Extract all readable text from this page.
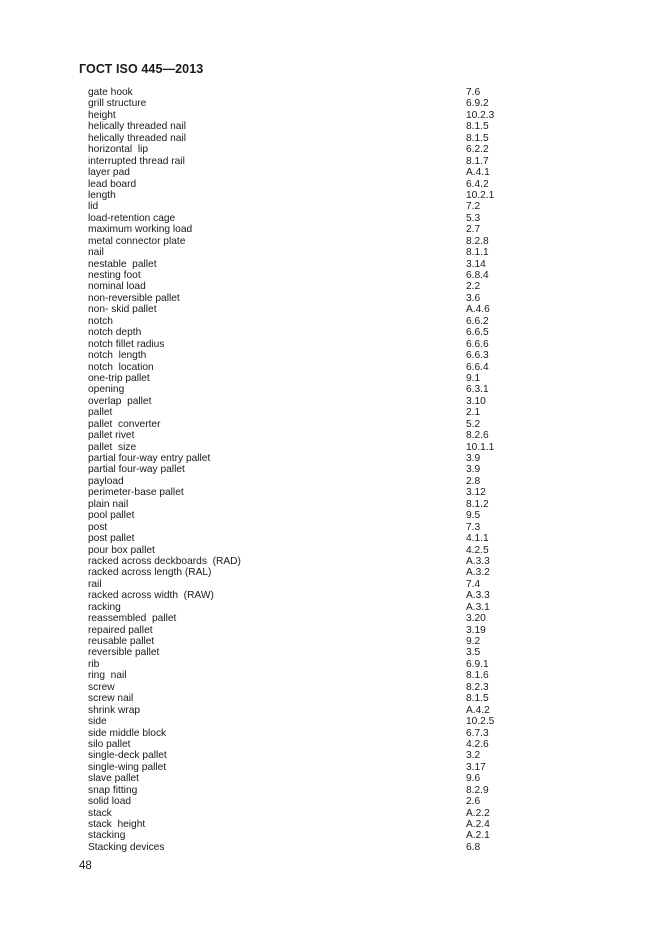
ГОСТ ISO 445—2013
gate hook	7.6
grill structure	6.9.2
height	10.2.3
helically threaded nail	8.1.5
helically threaded nail	8.1.5
horizontal  lip	6.2.2
interrupted thread rail	8.1.7
layer pad	A.4.1
lead board	6.4.2
length	10.2.1
lid	7.2
load-retention cage	5.3
maximum working load	2.7
metal connector plate	8.2.8
nail	8.1.1
nestable  pallet	3.14
nesting foot	6.8.4
nominal load	2.2
non-reversible pallet	3.6
non- skid pallet	A.4.6
notch	6.6.2
notch depth	6.6.5
notch fillet radius	6.6.6
notch  length	6.6.3
notch  location	6.6.4
one-trip pallet	9.1
opening	6.3.1
overlap  pallet	3.10
pallet	2.1
pallet  converter	5.2
pallet rivet	8.2.6
pallet  size	10.1.1
partial four-way entry pallet	3.9
partial four-way pallet	3.9
payload	2.8
perimeter-base pallet	3.12
plain nail	8.1.2
pool pallet	9.5
post	7.3
post pallet	4.1.1
pour box pallet	4.2.5
racked across deckboards  (RAD)	A.3.3
racked across length (RAL)	A.3.2
rail	7.4
racked across width  (RAW)	A.3.3
racking	A.3.1
reassembled  pallet	3.20
repaired pallet	3.19
reusable pallet	9.2
reversible pallet	3.5
rib	6.9.1
ring  nail	8.1.6
screw	8.2.3
screw nail	8.1.5
shrink wrap	A.4.2
side	10.2.5
side middle block	6.7.3
silo pallet	4.2.6
single-deck pallet	3.2
single-wing pallet	3.17
slave pallet	9.6
snap fitting	8.2.9
solid load	2.6
stack	A.2.2
stack  height	A.2.4
stacking	A.2.1
Stacking devices	6.8
48
